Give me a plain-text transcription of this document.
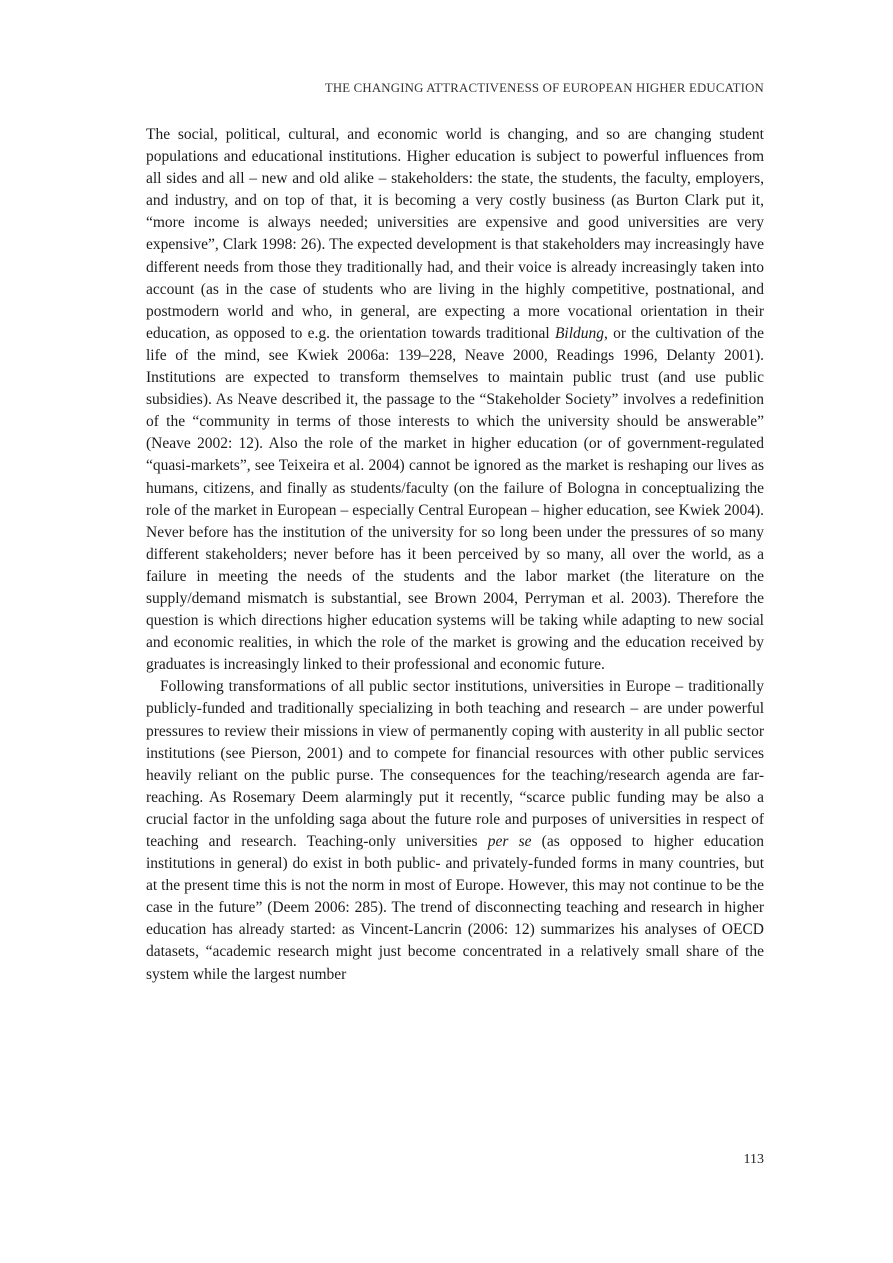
THE CHANGING ATTRACTIVENESS OF EUROPEAN HIGHER EDUCATION

The social, political, cultural, and economic world is changing, and so are changing student populations and educational institutions. Higher education is subject to powerful influences from all sides and all – new and old alike – stakeholders: the state, the students, the faculty, employers, and industry, and on top of that, it is becoming a very costly business (as Burton Clark put it, “more income is always needed; universities are expensive and good universities are very expensive”, Clark 1998: 26). The expected development is that stakeholders may increasingly have different needs from those they traditionally had, and their voice is already increasingly taken into account (as in the case of students who are living in the highly competitive, postnational, and postmodern world and who, in general, are expecting a more vocational orientation in their education, as opposed to e.g. the orientation towards traditional Bildung, or the cultivation of the life of the mind, see Kwiek 2006a: 139–228, Neave 2000, Readings 1996, Delanty 2001). Institutions are expected to transform themselves to maintain public trust (and use public subsidies). As Neave described it, the passage to the “Stakeholder Society” involves a redefinition of the “community in terms of those interests to which the university should be answerable” (Neave 2002: 12). Also the role of the market in higher education (or of government-regulated “quasi-markets”, see Teixeira et al. 2004) cannot be ignored as the market is reshaping our lives as humans, citizens, and finally as students/faculty (on the failure of Bologna in conceptualizing the role of the market in European – especially Central European – higher education, see Kwiek 2004). Never before has the institution of the university for so long been under the pressures of so many different stakeholders; never before has it been perceived by so many, all over the world, as a failure in meeting the needs of the students and the labor market (the literature on the supply/demand mismatch is substantial, see Brown 2004, Perryman et al. 2003). Therefore the question is which directions higher education systems will be taking while adapting to new social and economic realities, in which the role of the market is growing and the education received by graduates is increasingly linked to their professional and economic future.

Following transformations of all public sector institutions, universities in Europe – traditionally publicly-funded and traditionally specializing in both teaching and research – are under powerful pressures to review their missions in view of permanently coping with austerity in all public sector institutions (see Pierson, 2001) and to compete for financial resources with other public services heavily reliant on the public purse. The consequences for the teaching/research agenda are far-reaching. As Rosemary Deem alarmingly put it recently, “scarce public funding may be also a crucial factor in the unfolding saga about the future role and purposes of universities in respect of teaching and research. Teaching-only universities per se (as opposed to higher education institutions in general) do exist in both public- and privately-funded forms in many countries, but at the present time this is not the norm in most of Europe. However, this may not continue to be the case in the future” (Deem 2006: 285). The trend of disconnecting teaching and research in higher education has already started: as Vincent-Lancrin (2006: 12) summarizes his analyses of OECD datasets, “academic research might just become concentrated in a relatively small share of the system while the largest number

113
